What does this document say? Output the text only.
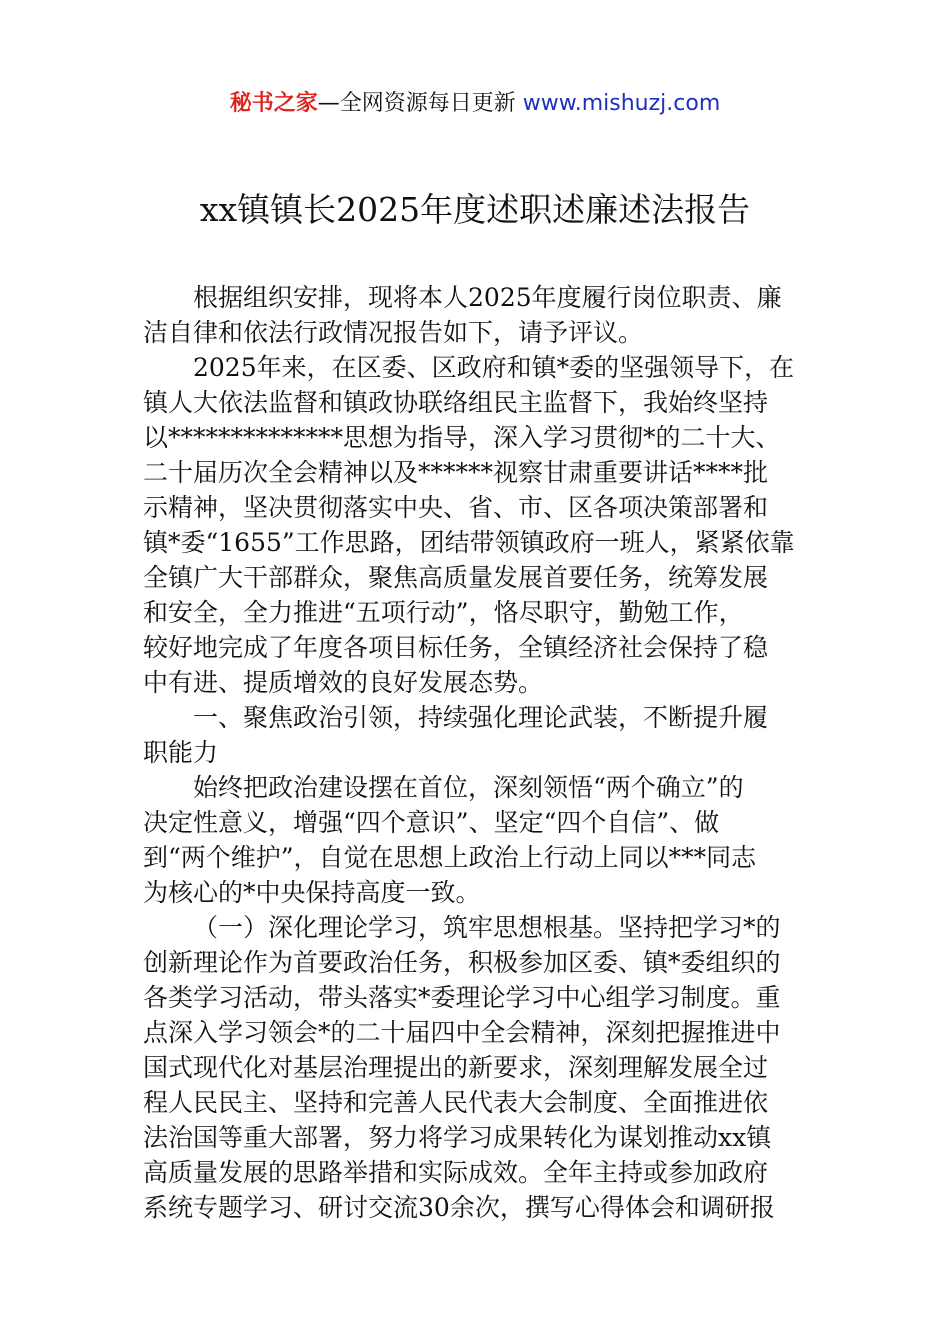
秘书之家—全网资源每日更新 www.mishuzj.com
xx镇镇长2025年度述职述廉述法报告
根据组织安排，现将本人2025年度履行岗位职责、廉
洁自律和依法行政情况报告如下，请予评议。
2025年来，在区委、区政府和镇*委的坚强领导下，在
镇人大依法监督和镇政协联络组民主监督下，我始终坚持
以**************思想为指导，深入学习贯彻*的二十大、
二十届历次全会精神以及******视察甘肃重要讲话****批
示精神，坚决贯彻落实中央、省、市、区各项决策部署和
镇*委“1655”工作思路，团结带领镇政府一班人，紧紧依靠
全镇广大干部群众，聚焦高质量发展首要任务，统筹发展
和安全，全力推进“五项行动”，恪尽职守，勤勉工作，
较好地完成了年度各项目标任务，全镇经济社会保持了稳
中有进、提质增效的良好发展态势。
一、聚焦政治引领，持续强化理论武装，不断提升履
职能力
始终把政治建设摆在首位，深刻领悟“两个确立”的
决定性意义，增强“四个意识”、坚定“四个自信”、做
到“两个维护”，自觉在思想上政治上行动上同以***同志
为核心的*中央保持高度一致。
（一）深化理论学习，筑牢思想根基。坚持把学习*的
创新理论作为首要政治任务，积极参加区委、镇*委组织的
各类学习活动，带头落实*委理论学习中心组学习制度。重
点深入学习领会*的二十届四中全会精神，深刻把握推进中
国式现代化对基层治理提出的新要求，深刻理解发展全过
程人民民主、坚持和完善人民代表大会制度、全面推进依
法治国等重大部署，努力将学习成果转化为谋划推动xx镇
高质量发展的思路举措和实际成效。全年主持或参加政府
系统专题学习、研讨交流30余次，撰写心得体会和调研报
